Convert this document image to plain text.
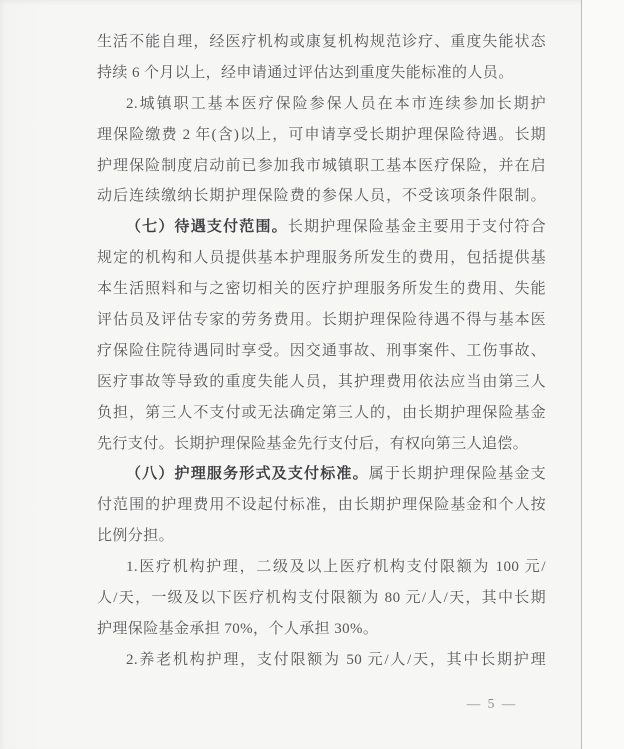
生活不能自理，经医疗机构或康复机构规范诊疗、重度失能状态
持续 6 个月以上，经申请通过评估达到重度失能标准的人员。
2.城镇职工基本医疗保险参保人员在本市连续参加长期护
理保险缴费 2 年(含)以上，可申请享受长期护理保险待遇。长期
护理保险制度启动前已参加我市城镇职工基本医疗保险，并在启
动后连续缴纳长期护理保险费的参保人员，不受该项条件限制。
（七）待遇支付范围。长期护理保险基金主要用于支付符合
规定的机构和人员提供基本护理服务所发生的费用，包括提供基
本生活照料和与之密切相关的医疗护理服务所发生的费用、失能
评估员及评估专家的劳务费用。长期护理保险待遇不得与基本医
疗保险住院待遇同时享受。因交通事故、刑事案件、工伤事故、
医疗事故等导致的重度失能人员，其护理费用依法应当由第三人
负担，第三人不支付或无法确定第三人的，由长期护理保险基金
先行支付。长期护理保险基金先行支付后，有权向第三人追偿。
（八）护理服务形式及支付标准。属于长期护理保险基金支
付范围的护理费用不设起付标准，由长期护理保险基金和个人按
比例分担。
1.医疗机构护理，二级及以上医疗机构支付限额为 100 元/
人/天，一级及以下医疗机构支付限额为 80 元/人/天，其中长期
护理保险基金承担 70%，个人承担 30%。
2.养老机构护理，支付限额为 50 元/人/天，其中长期护理
— 5 —
